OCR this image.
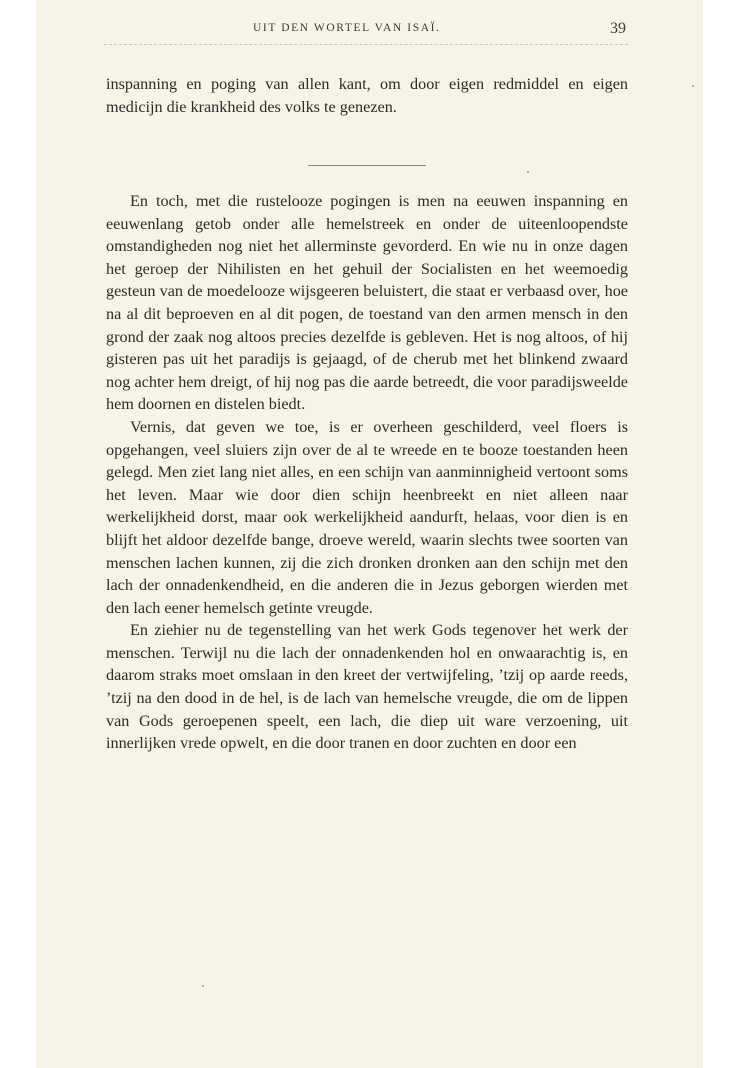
UIT DEN WORTEL VAN ISAÏ.	39

inspanning en poging van allen kant, om door eigen redmiddel en eigen medicijn die krankheid des volks te genezen.

En toch, met die rustelooze pogingen is men na eeuwen inspanning en eeuwenlang getob onder alle hemelstreek en onder de uiteenloopendste omstandigheden nog niet het allerminste gevorderd. En wie nu in onze dagen het geroep der Nihilisten en het gehuil der Socialisten en het weemoedig gesteun van de moedelooze wijsgeeren beluistert, die staat er verbaasd over, hoe na al dit beproeven en al dit pogen, de toestand van den armen mensch in den grond der zaak nog altoos precies dezelfde is gebleven. Het is nog altoos, of hij gisteren pas uit het paradijs is gejaagd, of de cherub met het blinkend zwaard nog achter hem dreigt, of hij nog pas die aarde betreedt, die voor paradijsweelde hem doornen en distelen biedt.

Vernis, dat geven we toe, is er overheen geschilderd, veel floers is opgehangen, veel sluiers zijn over de al te wreede en te booze toestanden heen gelegd. Men ziet lang niet alles, en een schijn van aanminnigheid vertoont soms het leven. Maar wie door dien schijn heenbreekt en niet alleen naar werkelijkheid dorst, maar ook werkelijkheid aandurft, helaas, voor dien is en blijft het aldoor dezelfde bange, droeve wereld, waarin slechts twee soorten van menschen lachen kunnen, zij die zich dronken dronken aan den schijn met den lach der onnadenkendheid, en die anderen die in Jezus geborgen wierden met den lach eener hemelsch getinte vreugde.

En ziehier nu de tegenstelling van het werk Gods tegenover het werk der menschen. Terwijl nu die lach der onnadenkenden hol en onwaarachtig is, en daarom straks moet omslaan in den kreet der vertwijfeling, ’tzij op aarde reeds, ’tzij na den dood in de hel, is de lach van hemelsche vreugde, die om de lippen van Gods geroepenen speelt, een lach, die diep uit ware verzoening, uit innerlijken vrede opwelt, en die door tranen en door zuchten en door een
